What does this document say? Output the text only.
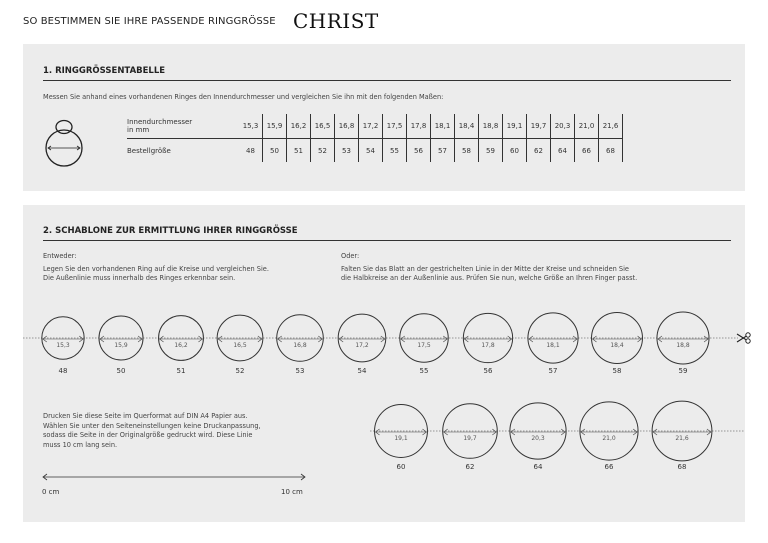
SO BESTIMMEN SIE IHRE PASSENDE RINGGRÖSSE CHRIST
1. RINGGRÖSSENTABELLE
Messen Sie anhand eines vorhandenen Ringes den Innendurchmesser und vergleichen Sie ihn mit den folgenden Maßen:
Innendurchmesser
in mm	15,3	15,9	16,2	16,5	16,8	17,2	17,5	17,8	18,1	18,4	18,8	19,1	19,7	20,3	21,0	21,6
Bestellgröße	48	50	51	52	53	54	55	56	57	58	59	60	62	64	66	68
2. SCHABLONE ZUR ERMITTLUNG IHRER RINGGRÖSSE
Entweder:
Legen Sie den vorhandenen Ring auf die Kreise und vergleichen Sie.
Die Außenlinie muss innerhalb des Ringes erkennbar sein.
Oder:
Falten Sie das Blatt an der gestrichelten Linie in der Mitte der Kreise und schneiden Sie
die Halbkreise an der Außenlinie aus. Prüfen Sie nun, welche Größe an Ihren Finger passt.
Drucken Sie diese Seite im Querformat auf DIN A4 Papier aus.
Wählen Sie unter den Seiteneinstellungen keine Druckanpassung,
sodass die Seite in der Originalgröße gedruckt wird. Diese Linie
muss 10 cm lang sein.
0 cm	10 cm
15,3	15,9	16,2	16,5	16,8	17,2	17,5	17,8	18,1	18,4	18,8
19,1	19,7	20,3	21,0	21,6
48	50	51	52	53	54	55	56	57	58	59
60	62	64	66	68
